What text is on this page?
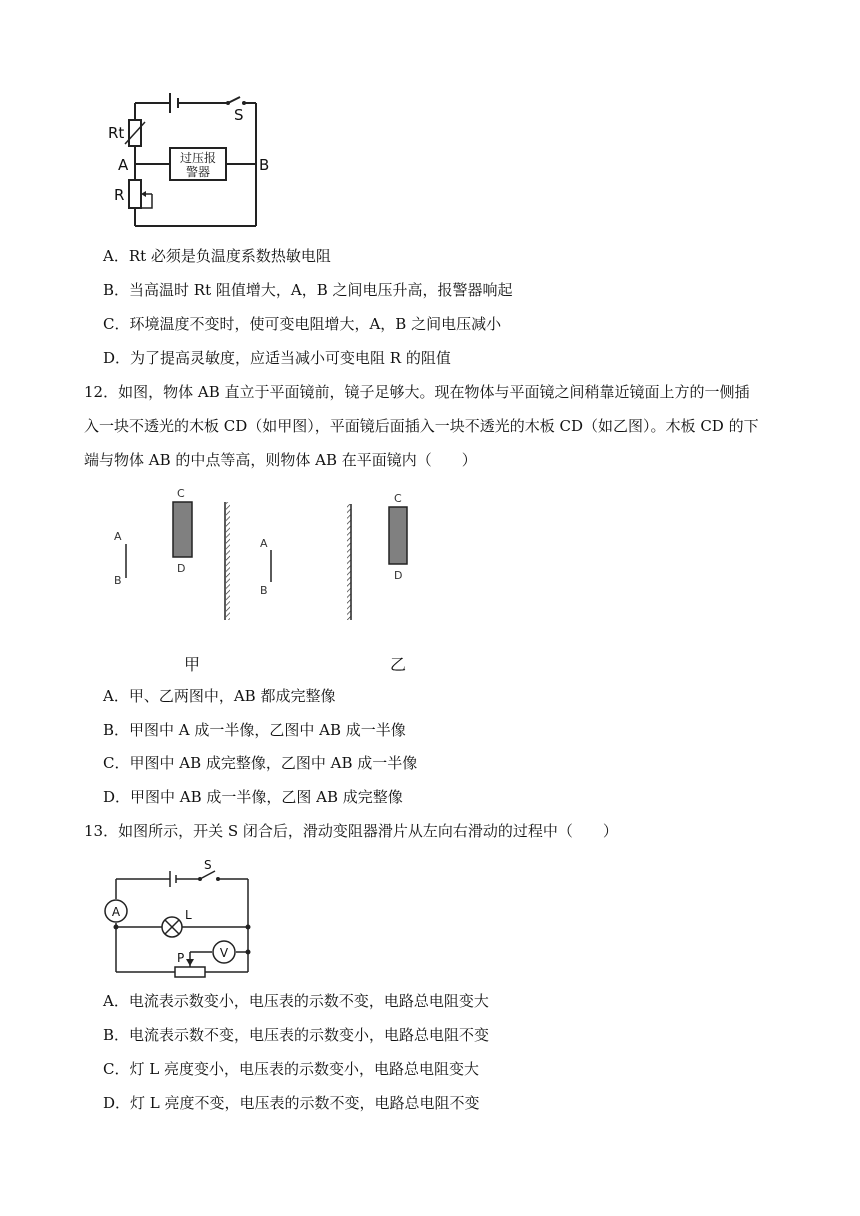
Rt
S
A	B
R
过压报
警器
A．Rt 必须是负温度系数热敏电阻
B．当高温时 Rt 阻值增大，A，B 之间电压升高，报警器响起
C．环境温度不变时，使可变电阻增大，A，B 之间电压减小
D．为了提高灵敏度，应适当减小可变电阻 R 的阻值
12．如图，物体 AB 直立于平面镜前，镜子足够大。现在物体与平面镜之间稍靠近镜面上方的一侧插
入一块不透光的木板 CD（如甲图），平面镜后面插入一块不透光的木板 CD（如乙图）。木板 CD 的下
端与物体 AB 的中点等高，则物体 AB 在平面镜内（　　）
A
B
C
D
A
B
C
D
甲	乙
A．甲、乙两图中，AB 都成完整像
B．甲图中 A 成一半像，乙图中 AB 成一半像
C．甲图中 AB 成完整像，乙图中 AB 成一半像
D．甲图中 AB 成一半像，乙图 AB 成完整像
13．如图所示，开关 S 闭合后，滑动变阻器滑片从左向右滑动的过程中（　　）
S
A	L
V
P
A．电流表示数变小，电压表的示数不变，电路总电阻变大
B．电流表示数不变，电压表的示数变小，电路总电阻不变
C．灯 L 亮度变小，电压表的示数变小，电路总电阻变大
D．灯 L 亮度不变，电压表的示数不变，电路总电阻不变
